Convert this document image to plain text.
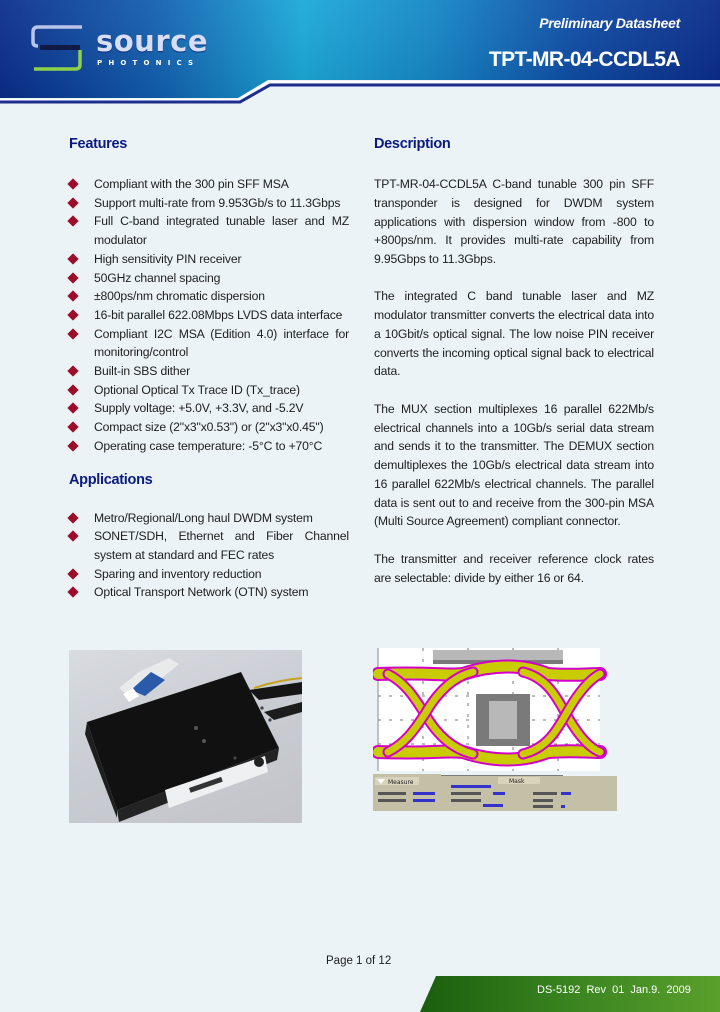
source
PHOTONICS
Preliminary Datasheet
TPT-MR-04-CCDL5A
Features
Compliant with the 300 pin SFF MSA
Support multi-rate from 9.953Gb/s to 11.3Gbps
Full C-band integrated tunable laser and MZ modulator
High sensitivity PIN receiver
50GHz channel spacing
±800ps/nm chromatic dispersion
16-bit parallel 622.08Mbps LVDS data interface
Compliant I2C MSA (Edition 4.0) interface for monitoring/control
Built-in SBS dither
Optional Optical Tx Trace ID (Tx_trace)
Supply voltage: +5.0V, +3.3V, and -5.2V
Compact size (2"x3"x0.53") or (2"x3"x0.45")
Operating case temperature: -5°C to +70°C
Applications
Metro/Regional/Long haul DWDM system
SONET/SDH, Ethernet and Fiber Channel system at standard and FEC rates
Sparing and inventory reduction
Optical Transport Network (OTN) system
Description

TPT-MR-04-CCDL5A C-band tunable 300 pin SFF transponder is designed for DWDM system applications with dispersion window from -800 to +800ps/nm. It provides multi-rate capability from 9.95Gbps to 11.3Gbps.

The integrated C band tunable laser and MZ modulator transmitter converts the electrical data into a 10Gbit/s optical signal. The low noise PIN receiver converts the incoming optical signal back to electrical data.

The MUX section multiplexes 16 parallel 622Mb/s electrical channels into a 10Gb/s serial data stream and sends it to the transmitter. The DEMUX section demultiplexes the 10Gb/s electrical data stream into 16 parallel 622Mb/s electrical channels. The parallel data is sent out to and receive from the 300-pin MSA (Multi Source Agreement) compliant connector.

The transmitter and receiver reference clock rates are selectable: divide by either 16 or 64.

Measure	Mask
Page 1 of 12
DS-5192 Rev 01 Jan.9. 2009
